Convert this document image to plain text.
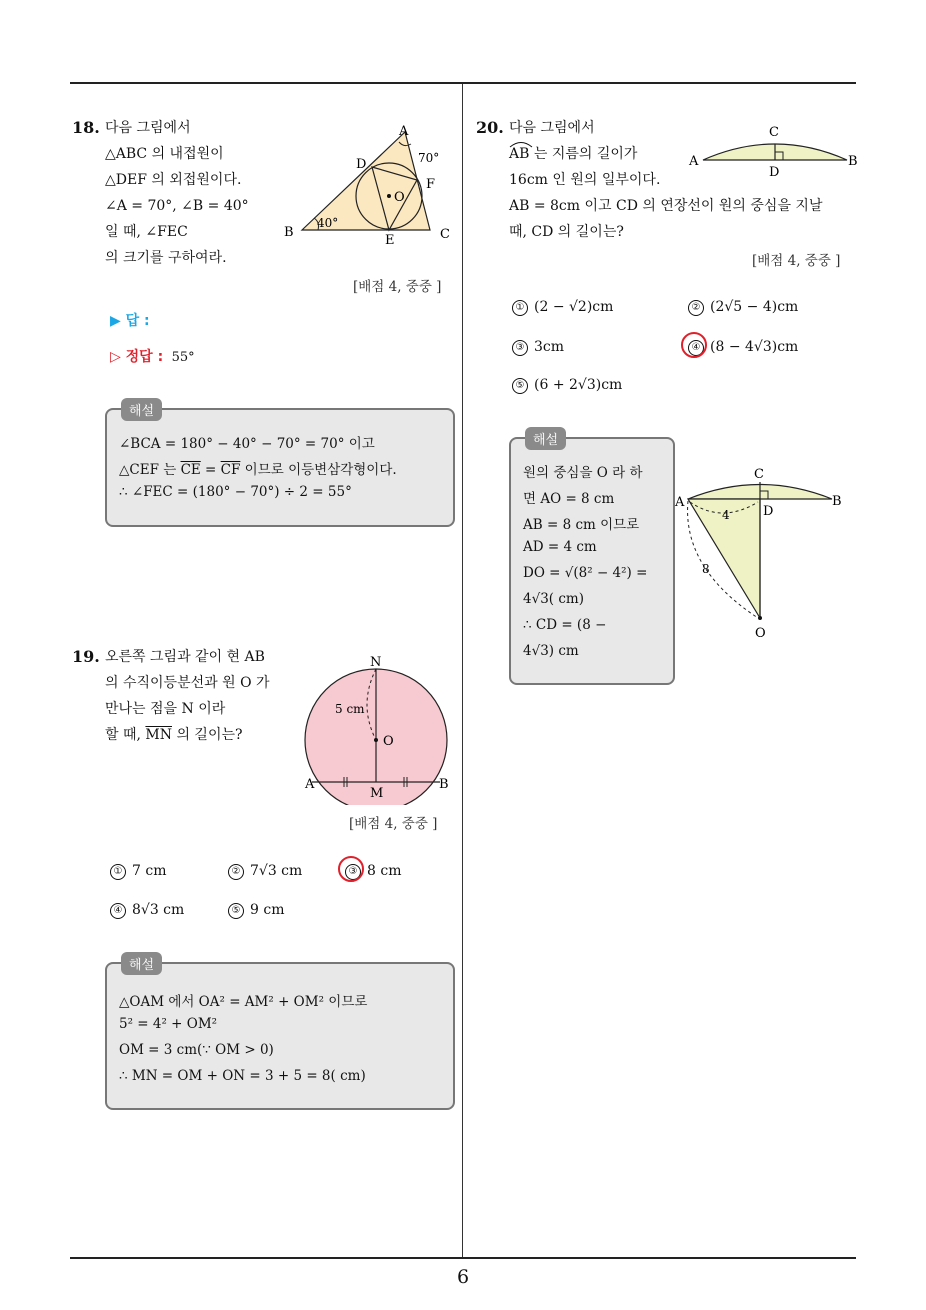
18. 다음 그림에서
△ABC 의 내접원이
△DEF 의 외접원이다.
∠A = 70°, ∠B = 40°
일 때, ∠FEC
의 크기를 구하여라.
A
B	C
D
E
F
O
70°
40°
[배점 4, 중중 ]
▶ 답 :
▷ 정답 : 55°
해설
∠BCA = 180° − 40° − 70° = 70° 이고
△CEF 는 $\overline{CE} = \overline{CF}$ 이므로 이등변삼각형이다.
∴ ∠FEC = (180° − 70°) ÷ 2 = 55°
19. 오른쪽 그림과 같이 현 AB
의 수직이등분선과 원 O 가
만나는 점을 N 이라
할 때, $\overline{MN}$ 의 길이는?
N
O
A	B
M
5 cm
[배점 4, 중중 ]
① 7 cm	② 7√3 cm	③ 8 cm
④ 8√3 cm	⑤ 9 cm
해설
△OAM 에서 OA² = AM² + OM² 이므로
5² = 4² + OM²
OM = 3 cm(∵ OM > 0)
∴ MN = OM + ON = 3 + 5 = 8( cm)
20. 다음 그림에서
AB
는 지름의 길이가
16cm 인 원의 일부이다.
AB = 8cm 이고 CD 의 연장선이 원의 중심을 지날
때, CD 의 길이는?
A	B
C
D
[배점 4, 중중 ]
① (2 − √2)cm	② (2√5 − 4)cm
③ 3cm	④ (8 − 4√3)cm
⑤ (6 + 2√3)cm
해설
원의 중심을 O 라 하
면 AO = 8 cm
AB = 8 cm 이므로
AD = 4 cm
DO = √(8² − 4²) =
4√3( cm)
∴ CD = (8 −
4√3) cm
A	B
C
D
O
4
8
6
